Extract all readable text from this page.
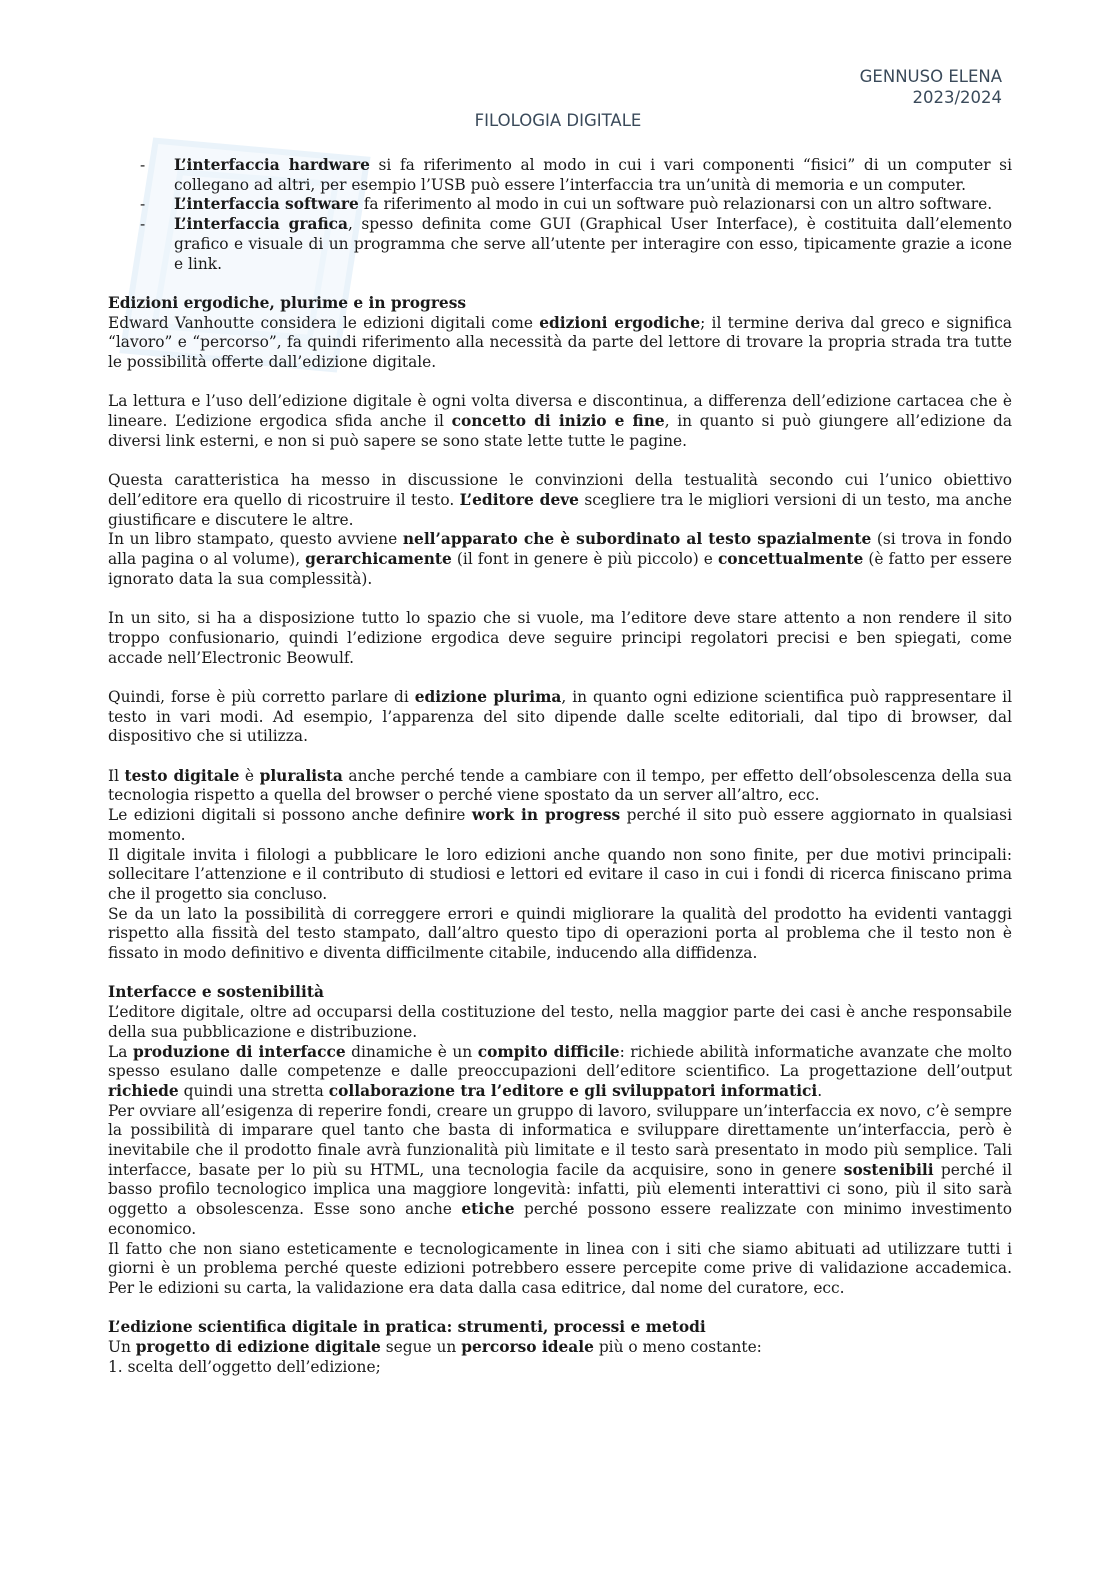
GENNUSO ELENA
2023/2024
FILOLOGIA DIGITALE
- L’interfaccia hardware si fa riferimento al modo in cui i vari componenti “fisici” di un computer si collegano ad altri, per esempio l’USB può essere l’interfaccia tra un’unità di memoria e un computer.
- L’interfaccia software fa riferimento al modo in cui un software può relazionarsi con un altro software.
- L’interfaccia grafica, spesso definita come GUI (Graphical User Interface), è costituita dall’elemento grafico e visuale di un programma che serve all’utente per interagire con esso, tipicamente grazie a icone e link.

Edizioni ergodiche, plurime e in progress

Edward Vanhoutte considera le edizioni digitali come edizioni ergodiche; il termine deriva dal greco e significa “lavoro” e “percorso”, fa quindi riferimento alla necessità da parte del lettore di trovare la propria strada tra tutte le possibilità offerte dall’edizione digitale.

La lettura e l’uso dell’edizione digitale è ogni volta diversa e discontinua, a differenza dell’edizione cartacea che è lineare. L’edizione ergodica sfida anche il concetto di inizio e fine, in quanto si può giungere all’edizione da diversi link esterni, e non si può sapere se sono state lette tutte le pagine.

Questa caratteristica ha messo in discussione le convinzioni della testualità secondo cui l’unico obiettivo dell’editore era quello di ricostruire il testo. L’editore deve scegliere tra le migliori versioni di un testo, ma anche giustificare e discutere le altre.

In un libro stampato, questo avviene nell’apparato che è subordinato al testo spazialmente (si trova in fondo alla pagina o al volume), gerarchicamente (il font in genere è più piccolo) e concettualmente (è fatto per essere ignorato data la sua complessità).

In un sito, si ha a disposizione tutto lo spazio che si vuole, ma l’editore deve stare attento a non rendere il sito troppo confusionario, quindi l’edizione ergodica deve seguire principi regolatori precisi e ben spiegati, come accade nell’Electronic Beowulf.

Quindi, forse è più corretto parlare di edizione plurima, in quanto ogni edizione scientifica può rappresentare il testo in vari modi. Ad esempio, l’apparenza del sito dipende dalle scelte editoriali, dal tipo di browser, dal dispositivo che si utilizza.

Il testo digitale è pluralista anche perché tende a cambiare con il tempo, per effetto dell’obsolescenza della sua tecnologia rispetto a quella del browser o perché viene spostato da un server all’altro, ecc.

Le edizioni digitali si possono anche definire work in progress perché il sito può essere aggiornato in qualsiasi momento.

Il digitale invita i filologi a pubblicare le loro edizioni anche quando non sono finite, per due motivi principali: sollecitare l’attenzione e il contributo di studiosi e lettori ed evitare il caso in cui i fondi di ricerca finiscano prima che il progetto sia concluso.

Se da un lato la possibilità di correggere errori e quindi migliorare la qualità del prodotto ha evidenti vantaggi rispetto alla fissità del testo stampato, dall’altro questo tipo di operazioni porta al problema che il testo non è fissato in modo definitivo e diventa difficilmente citabile, inducendo alla diffidenza.

Interfacce e sostenibilità

L’editore digitale, oltre ad occuparsi della costituzione del testo, nella maggior parte dei casi è anche responsabile della sua pubblicazione e distribuzione.

La produzione di interfacce dinamiche è un compito difficile: richiede abilità informatiche avanzate che molto spesso esulano dalle competenze e dalle preoccupazioni dell’editore scientifico. La progettazione dell’output richiede quindi una stretta collaborazione tra l’editore e gli sviluppatori informatici.

Per ovviare all’esigenza di reperire fondi, creare un gruppo di lavoro, sviluppare un’interfaccia ex novo, c’è sempre la possibilità di imparare quel tanto che basta di informatica e sviluppare direttamente un’interfaccia, però è inevitabile che il prodotto finale avrà funzionalità più limitate e il testo sarà presentato in modo più semplice. Tali interfacce, basate per lo più su HTML, una tecnologia facile da acquisire, sono in genere sostenibili perché il basso profilo tecnologico implica una maggiore longevità: infatti, più elementi interattivi ci sono, più il sito sarà oggetto a obsolescenza. Esse sono anche etiche perché possono essere realizzate con minimo investimento economico.

Il fatto che non siano esteticamente e tecnologicamente in linea con i siti che siamo abituati ad utilizzare tutti i giorni è un problema perché queste edizioni potrebbero essere percepite come prive di validazione accademica. Per le edizioni su carta, la validazione era data dalla casa editrice, dal nome del curatore, ecc.

L’edizione scientifica digitale in pratica: strumenti, processi e metodi

Un progetto di edizione digitale segue un percorso ideale più o meno costante:

1. scelta dell’oggetto dell’edizione;
